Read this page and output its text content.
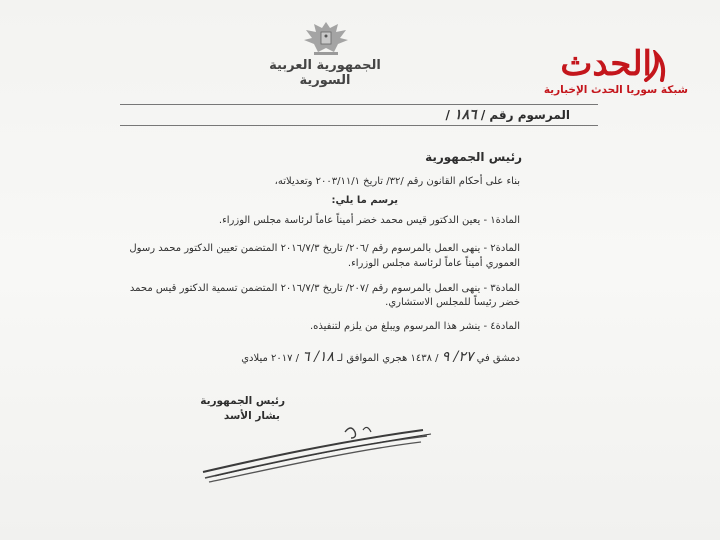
الجمهورية العربية السورية	الحدث
شبكة سوريا الحدث الإخبارية
المرسوم رقم / ١٨٦ /
رئيس الجمهورية
بناء على أحكام القانون رقم /٣٢/ تاريخ ٢٠٠٣/١١/١ وتعديلاته،
يرسم ما يلي:
المادة١ - يعين الدكتور قيس محمد خضر أميناً عاماً لرئاسة مجلس الوزراء.
المادة٢ - ينهى العمل بالمرسوم رقم /٢٠٦/ تاريخ ٢٠١٦/٧/٣ المتضمن تعيين الدكتور محمد رسول
العموري أميناً عاماً لرئاسة مجلس الوزراء.
المادة٣ - ينهى العمل بالمرسوم رقم /٢٠٧/ تاريخ ٢٠١٦/٧/٣ المتضمن تسمية الدكتور قيس محمد
خضر رئيساً للمجلس الاستشاري.
المادة٤ - ينشر هذا المرسوم ويبلغ من يلزم لتنفيذه.
دمشق في ٢٧/ ٩ / ١٤٣٨ هجري الموافق لـ ١٨/ ٦ / ٢٠١٧ ميلادي
رئيس الجمهورية
بشار الأسد
